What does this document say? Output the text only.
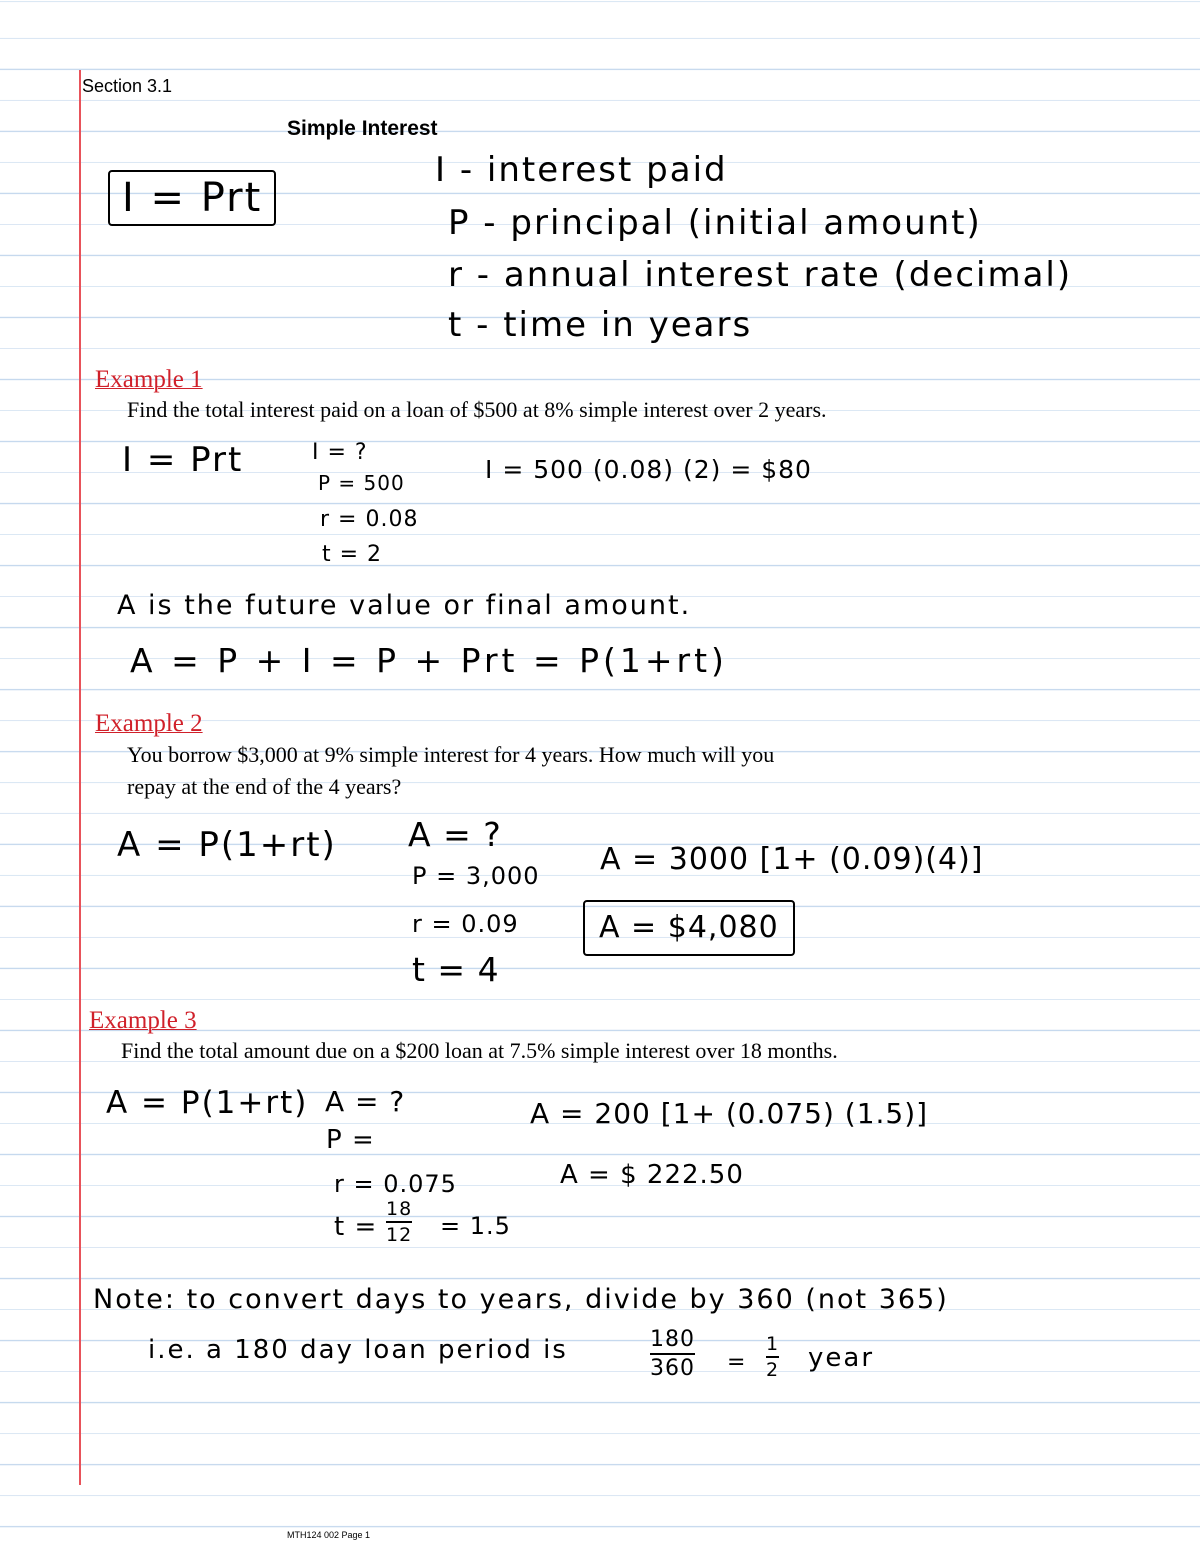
Section 3.1
Simple Interest
I = Prt
I - interest paid
P - principal (initial amount)
r - annual interest rate (decimal)
t - time in years
Example 1
Find the total interest paid on a loan of $500 at 8% simple interest over 2 years.
I = Prt	I = ?
P = 500
r = 0.08
t = 2
I = 500 (0.08) (2) = $80
A is the future value or final amount.
A = P + I = P + Prt = P(1+rt)
Example 2
You borrow $3,000 at 9% simple interest for 4 years. How much will you
repay at the end of the 4 years?
A = P(1+rt) A = ?
P = 3,000
r = 0.09
t = 4
A = 3000 [1+ (0.09)(4)]
A = $4,080
Example 3
Find the total amount due on a $200 loan at 7.5% simple interest over 18 months.
A = P(1+rt) A = ?
P =
r = 0.075
t =
18
12 = 1.5
A = 200 [1+ (0.075) (1.5)]
A = $ 222.50
Note: to convert days to years, divide by 360 (not 365)
i.e. a 180 day loan period is	180
360 =
1
2 year
MTH124 002 Page 1
